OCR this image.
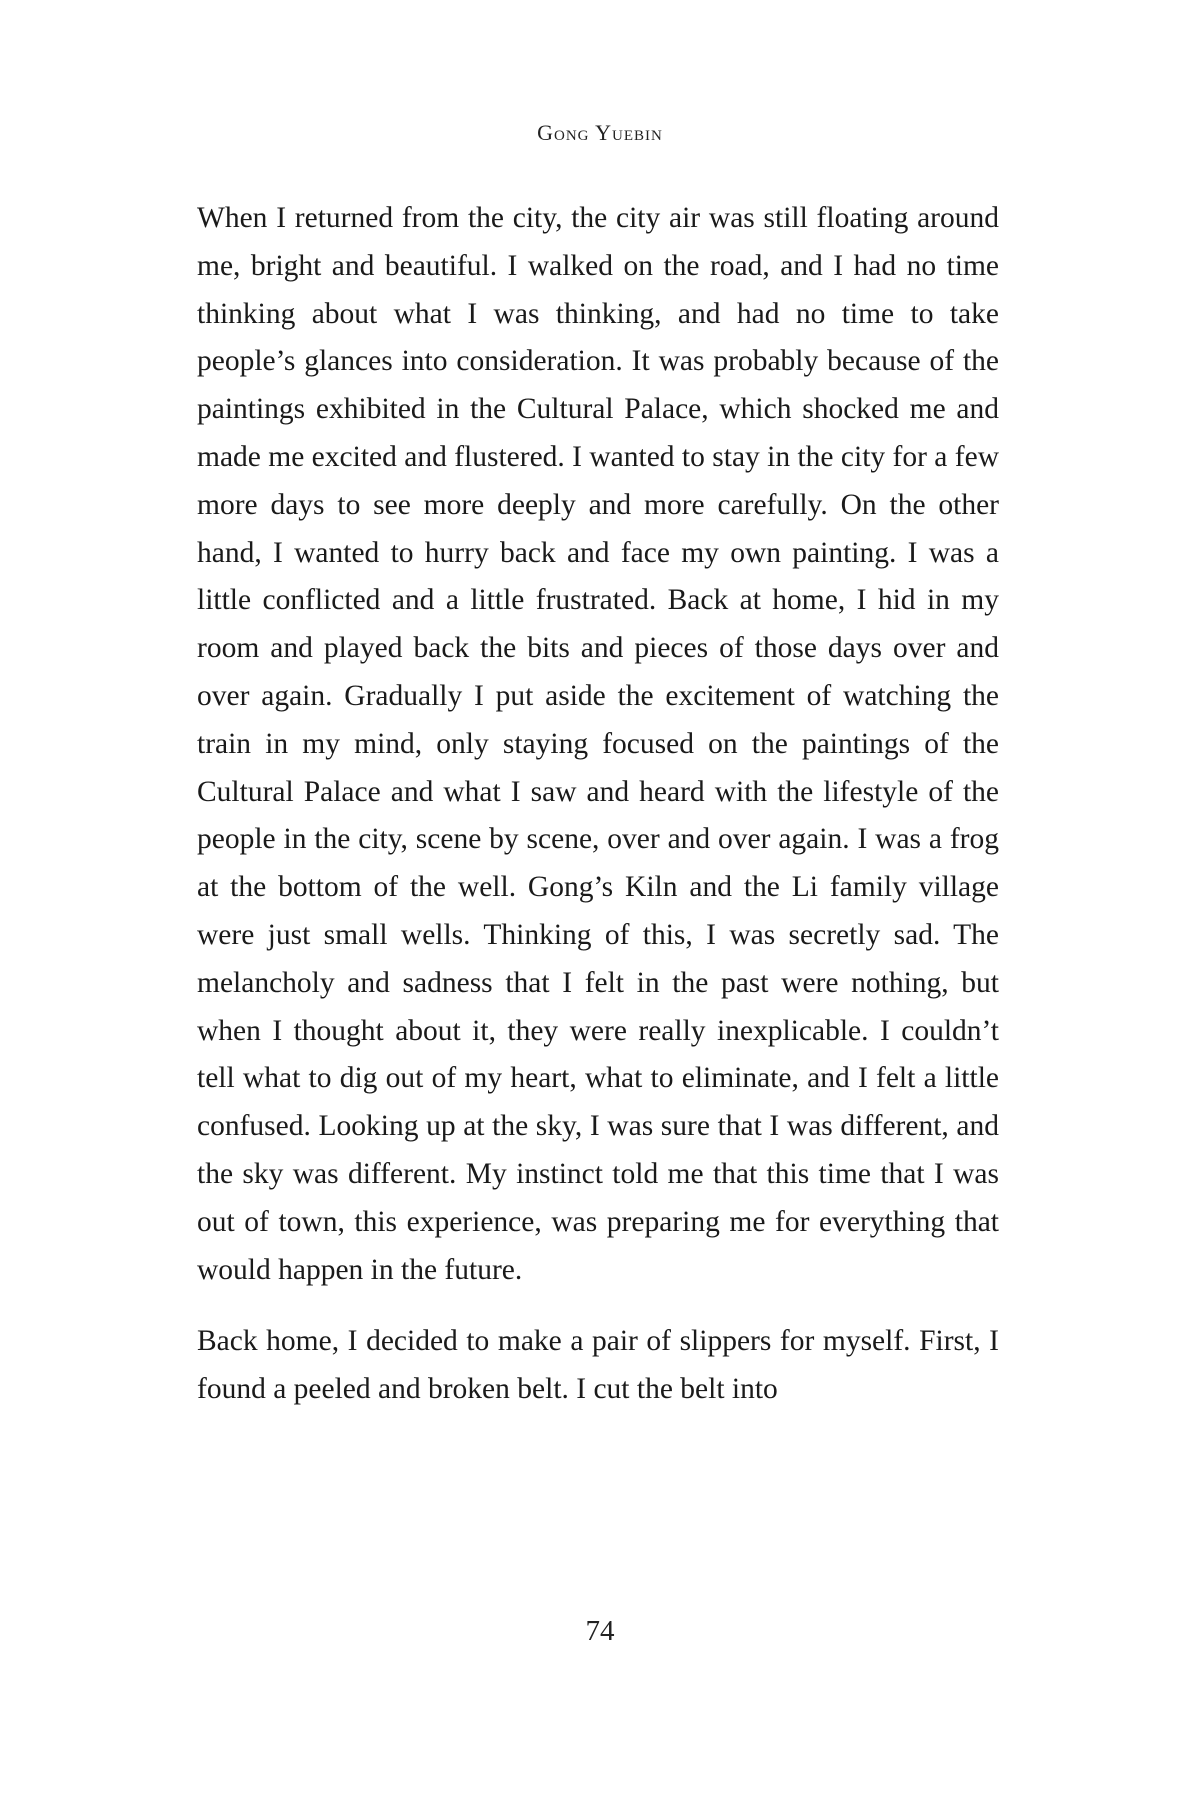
Gong Yuebin

When I returned from the city, the city air was still floating around me, bright and beautiful. I walked on the road, and I had no time thinking about what I was thinking, and had no time to take people’s glances into consideration. It was probably because of the paintings exhibited in the Cultural Palace, which shocked me and made me excited and flustered. I wanted to stay in the city for a few more days to see more deeply and more carefully. On the other hand, I wanted to hurry back and face my own painting. I was a little conflicted and a little frustrated. Back at home, I hid in my room and played back the bits and pieces of those days over and over again. Gradually I put aside the excitement of watching the train in my mind, only staying focused on the paintings of the Cultural Palace and what I saw and heard with the lifestyle of the people in the city, scene by scene, over and over again. I was a frog at the bottom of the well. Gong’s Kiln and the Li family village were just small wells. Thinking of this, I was secretly sad. The melancholy and sadness that I felt in the past were nothing, but when I thought about it, they were really inexplicable. I couldn’t tell what to dig out of my heart, what to eliminate, and I felt a little confused. Looking up at the sky, I was sure that I was different, and the sky was different. My instinct told me that this time that I was out of town, this experience, was preparing me for everything that would happen in the future.

Back home, I decided to make a pair of slippers for myself. First, I found a peeled and broken belt. I cut the belt into

74
